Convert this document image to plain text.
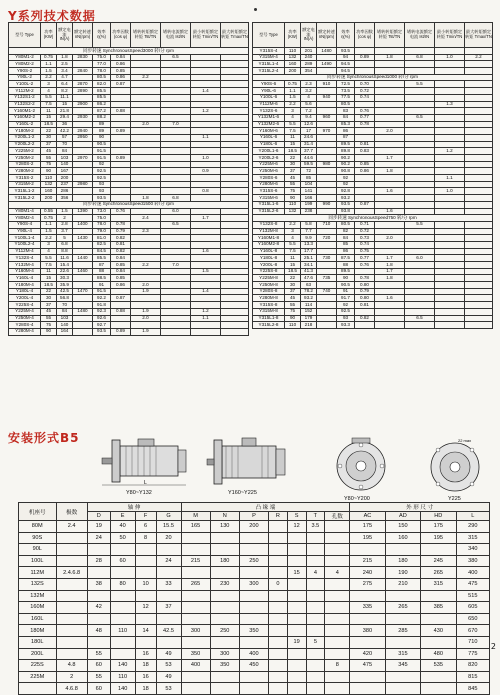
Y系列技术数据
型号 Type	功率 (KW)	额定电流 IN(A)	额定转速 nN(rpm)	效率 η(%)	功率因数 (cos φ)	堵转转矩额定转矩 Tst/TN	堵转电流额定电流 Ist/IN	最小转矩额定转矩 Tmin/TN	最大转矩额定转矩 Tmax/TN
同步转速 SynchronousSpeed3000 转/分 rpm									
Y80M1-2	0.75	1.8	2830	75.0	0.84		6.5		
Y80M2-2	1.1	2.5		77.0	0.86				
Y90S-2	1.5	3.4	2840	78.0	0.85				
Y90L-2	2.2	4.7		80.5	0.86	2.2			
Y100L-2	3	6.4	2870	82.0	0.87				
Y112M-2	4	8.2	2890	85.5				1.4	
Y132S1-2	5.5	11.1		85.5					
Y132S2-2	7.5	15	2900	86.2					
Y160M1-2	11	21.8		87.2	0.88			1.2	
Y160M2-2	15	29.4	2930	88.2					
Y160L-2	18.5	36		89		2.0	7.0		
Y180M-2	22	42.2	2940	89	0.89				
Y200L1-2	30	57	2950	90				1.1	
Y200L2-2	37	70		90.5					
Y225M-2	45	84		91.5					
Y250M-2	55	103	2970	91.5	0.89			1.0	
Y280S-2	75	140		92					
Y280M-2	90	167		92.5				0.9	
Y315S-2	110	200		92.5					
Y315M-2	132	237	2980	93					
Y315L1-2	160	286		93				0.8	
Y315L2-2	200	356		93.5		1.8	6.8		
同步转速 SynchronousSpeed1500 转/分 rpm									
Y80M1-4	0.55	1.5	1390	73.0	0.76		6.0		
Y80M2-4	0.75	2		75.0		2.4		1.7	
Y90S-4	1.1	2.8	1400	78.0	0.78		6.5		
Y90L-4	1.5	3.7		79.0	0.79	2.3			
Y100L1-4	2.2	5	1430	81.0	0.82				
Y100L2-4	3	6.8		82.5	0.81				
Y112M-4	4	8.8		84.5	0.82			1.6	
Y132S-4	5.5	11.6	1440	85.5	0.84				
Y132M-4	7.5	15.4		87	0.85	2.2	7.0		
Y160M-4	11	22.6	1460	88	0.84			1.5	
Y160L-4	15	30.3		88.5	0.85				
Y180M-4	18.5	35.9		91	0.86	2.0			
Y180L-4	22	42.5	1470	91.5		1.9		1.4	
Y200L-4	30	56.8		92.2	0.87				
Y225S-4	37	70		91.8					
Y225M-4	45	84	1480	92.3	0.88	1.9		1.2	
Y250M-4	55	103		92.6		2.0		1.1	
Y280S-4	75	140		92.7					
Y280M-4	90	164		93.5	0.89	1.9			
型号 Type	功率 (KW)	额定电流 IN(A)	额定转速 nN(rpm)	效率 η(%)	功率因数 (cos φ)	堵转转矩额定转矩 Tst/TN	堵转电流额定电流 Ist/IN	最小转矩额定转矩 Tmin/TN	最大转矩额定转矩 Tmax/TN
Y315S-4	110	201	1480	93.5					
Y315M-4	132	240		94	0.89	1.8	6.8	1.0	2.2
Y315L1-4	160	289	1490	94.5					
Y315L2-4	200	354		94.5					
同步转速 SynchronousSpeed1000 转/分 rpm									
Y90S-6	0.75	2.3	910	72.5	0.70		5.5		
Y90L-6	1.1	3.2		73.5	0.72				
Y100L-6	1.5	4	940	77.5	0.74				
Y112M-6	2.2	5.6		80.5				1.3	
Y132S-6	3	7.2		83	0.76				
Y132M1-6	4	9.4	960	84	0.77		6.5		
Y132M2-6	5.5	12.6		85.3	0.78				
Y160M-6	7.5	17	970	86		2.0			
Y160L-6	11	24.6		87					
Y180L-6	15	31.4		89.5	0.81				
Y200L1-6	18.5	37.7		89.8	0.83			1.2	
Y200L2-6	22	44.6		90.2		1.7			
Y225M-6	30	59.5	980	90.2	0.85				
Y250M-6	37	72		90.8	0.86	1.8			
Y280S-6	45	85		92				1.1	
Y280M-6	55	104		92					
Y315S-6	75	141		92.8		1.6		1.0	
Y315M-6	90	166		93.2					
Y315L1-6	110	199	990	93.5	0.87				
Y315L2-6	132	238		93.8		1.6			
同步转速 SynchronousSpeed750 转/分 rpm									
Y132S-8	2.2	5.8	710	80.5	0.71		5.5		
Y132M-8	3	7.7		82	0.72				
Y160M1-8	4	9.9	720	84	0.73	2.0			
Y160M2-8	5.5	13.3		85	0.74				
Y160L-8	7.5	17.7		86	0.75				
Y180L-8	11	25.1	730	87.5	0.77	1.7	6.0		
Y200L-8	15	34.1		88	0.76	1.8			
Y225S-8	18.5	41.3		89.5		1.7			
Y225M-8	22	47.6	735	90	0.78	1.8			
Y250M-8	30	63		90.5	0.80				
Y280S-8	37	78.2	740	91	0.79				
Y280M-8	45	93.2		91.7	0.80	1.6			
Y315S-8	55	114		92	0.81				
Y315M-8	75	152		92.5					
Y315L1-8	90	179		93	0.82		6.5		
Y315L2-8	110	218		93.3					
安装形式B5
L
Y80~Y132	Y160~Y225
Y80~Y200
22 max
Y225
机座号	极数	轴 伸				凸 缘 端							外 形 尺 寸			
		D	E	F	G	M	N	P	R	S	T	孔数	AC	AD	HD	L
80M	2.4	19	40	6	15.5	165	130	200		12	3.5		175	150	175	290
90S		24	50	8	20								195	160	195	315
90L																340
100L		28	60		24	215	180	250					215	180	245	380
112M	2.4.6.8									15	4	4	240	190	265	400
132S		38	80	10	33	265	230	300	0				275	210	315	475
132M																515
160M		42		12	37								335	265	385	605
160L																650
180M		48	110	14	42.5	300	250	350					380	285	430	670
180L										19	5					710
200L		55		16	49	350	300	400					420	315	480	775
225S	4.8	60	140	18	53	400	350	450				8	475	345	535	820
225M	2	55	110	16	49											815
	4.6.8	60	140	18	53											845
2
